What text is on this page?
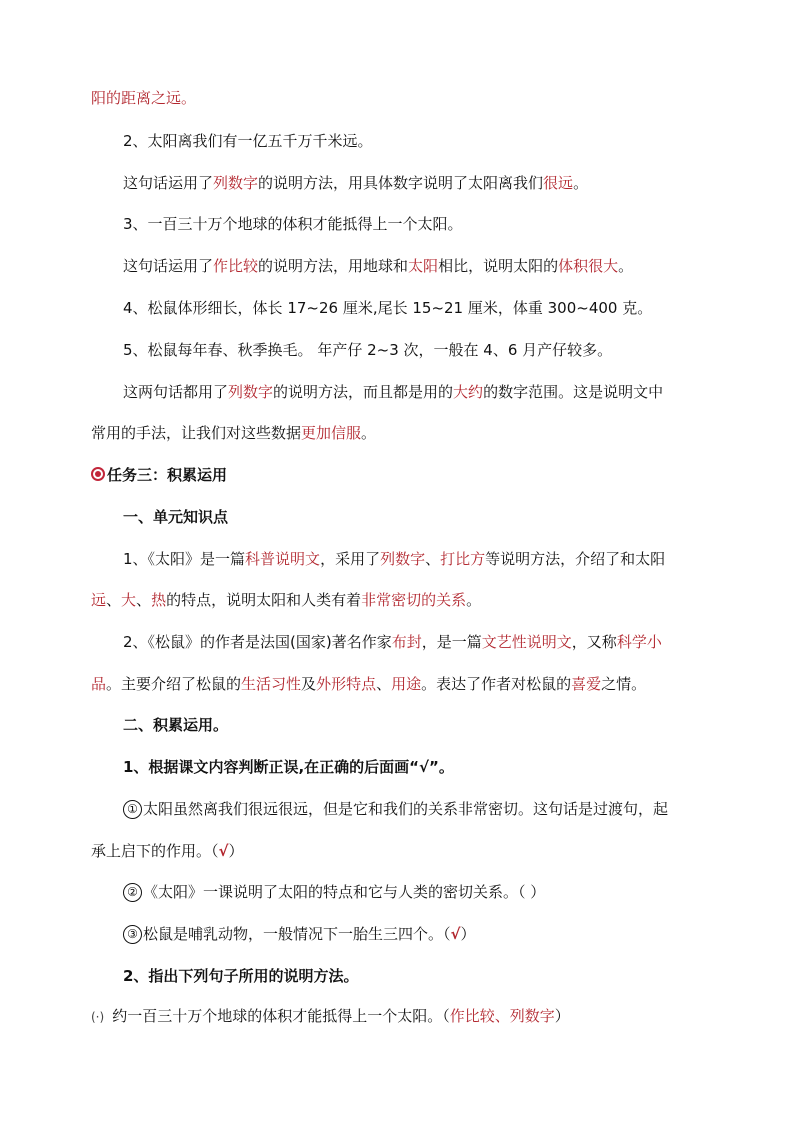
阳的距离之远。
2、太阳离我们有一亿五千万千米远。
这句话运用了列数字的说明方法，用具体数字说明了太阳离我们很远。
3、一百三十万个地球的体积才能抵得上一个太阳。
这句话运用了作比较的说明方法，用地球和太阳相比，说明太阳的体积很大。
4、松鼠体形细长，体长 17~26 厘米,尾长 15~21 厘米，体重 300~400 克。
5、松鼠每年春、秋季换毛。 年产仔 2~3 次，一般在 4、6 月产仔较多。
这两句话都用了列数字的说明方法，而且都是用的大约的数字范围。这是说明文中
常用的手法，让我们对这些数据更加信服。
任务三：积累运用
一、单元知识点
1、《太阳》是一篇科普说明文，采用了列数字、打比方等说明方法，介绍了和太阳
远、大、热的特点，说明太阳和人类有着非常密切的关系。
2、《松鼠》的作者是法国(国家)著名作家布封，是一篇文艺性说明文，又称科学小
品。主要介绍了松鼠的生活习性及外形特点、用途。表达了作者对松鼠的喜爱之情。
二、积累运用。
1、根据课文内容判断正误,在正确的后面画“√”。
① 太阳虽然离我们很远很远，但是它和我们的关系非常密切。这句话是过渡句，起
承上启下的作用。（√）
② 《太阳》一课说明了太阳的特点和它与人类的密切关系。（ ）
③ 松鼠是哺乳动物，一般情况下一胎生三四个。（√）
2、指出下列句子所用的说明方法。
(·) 约一百三十万个地球的体积才能抵得上一个太阳。（作比较、列数字）
